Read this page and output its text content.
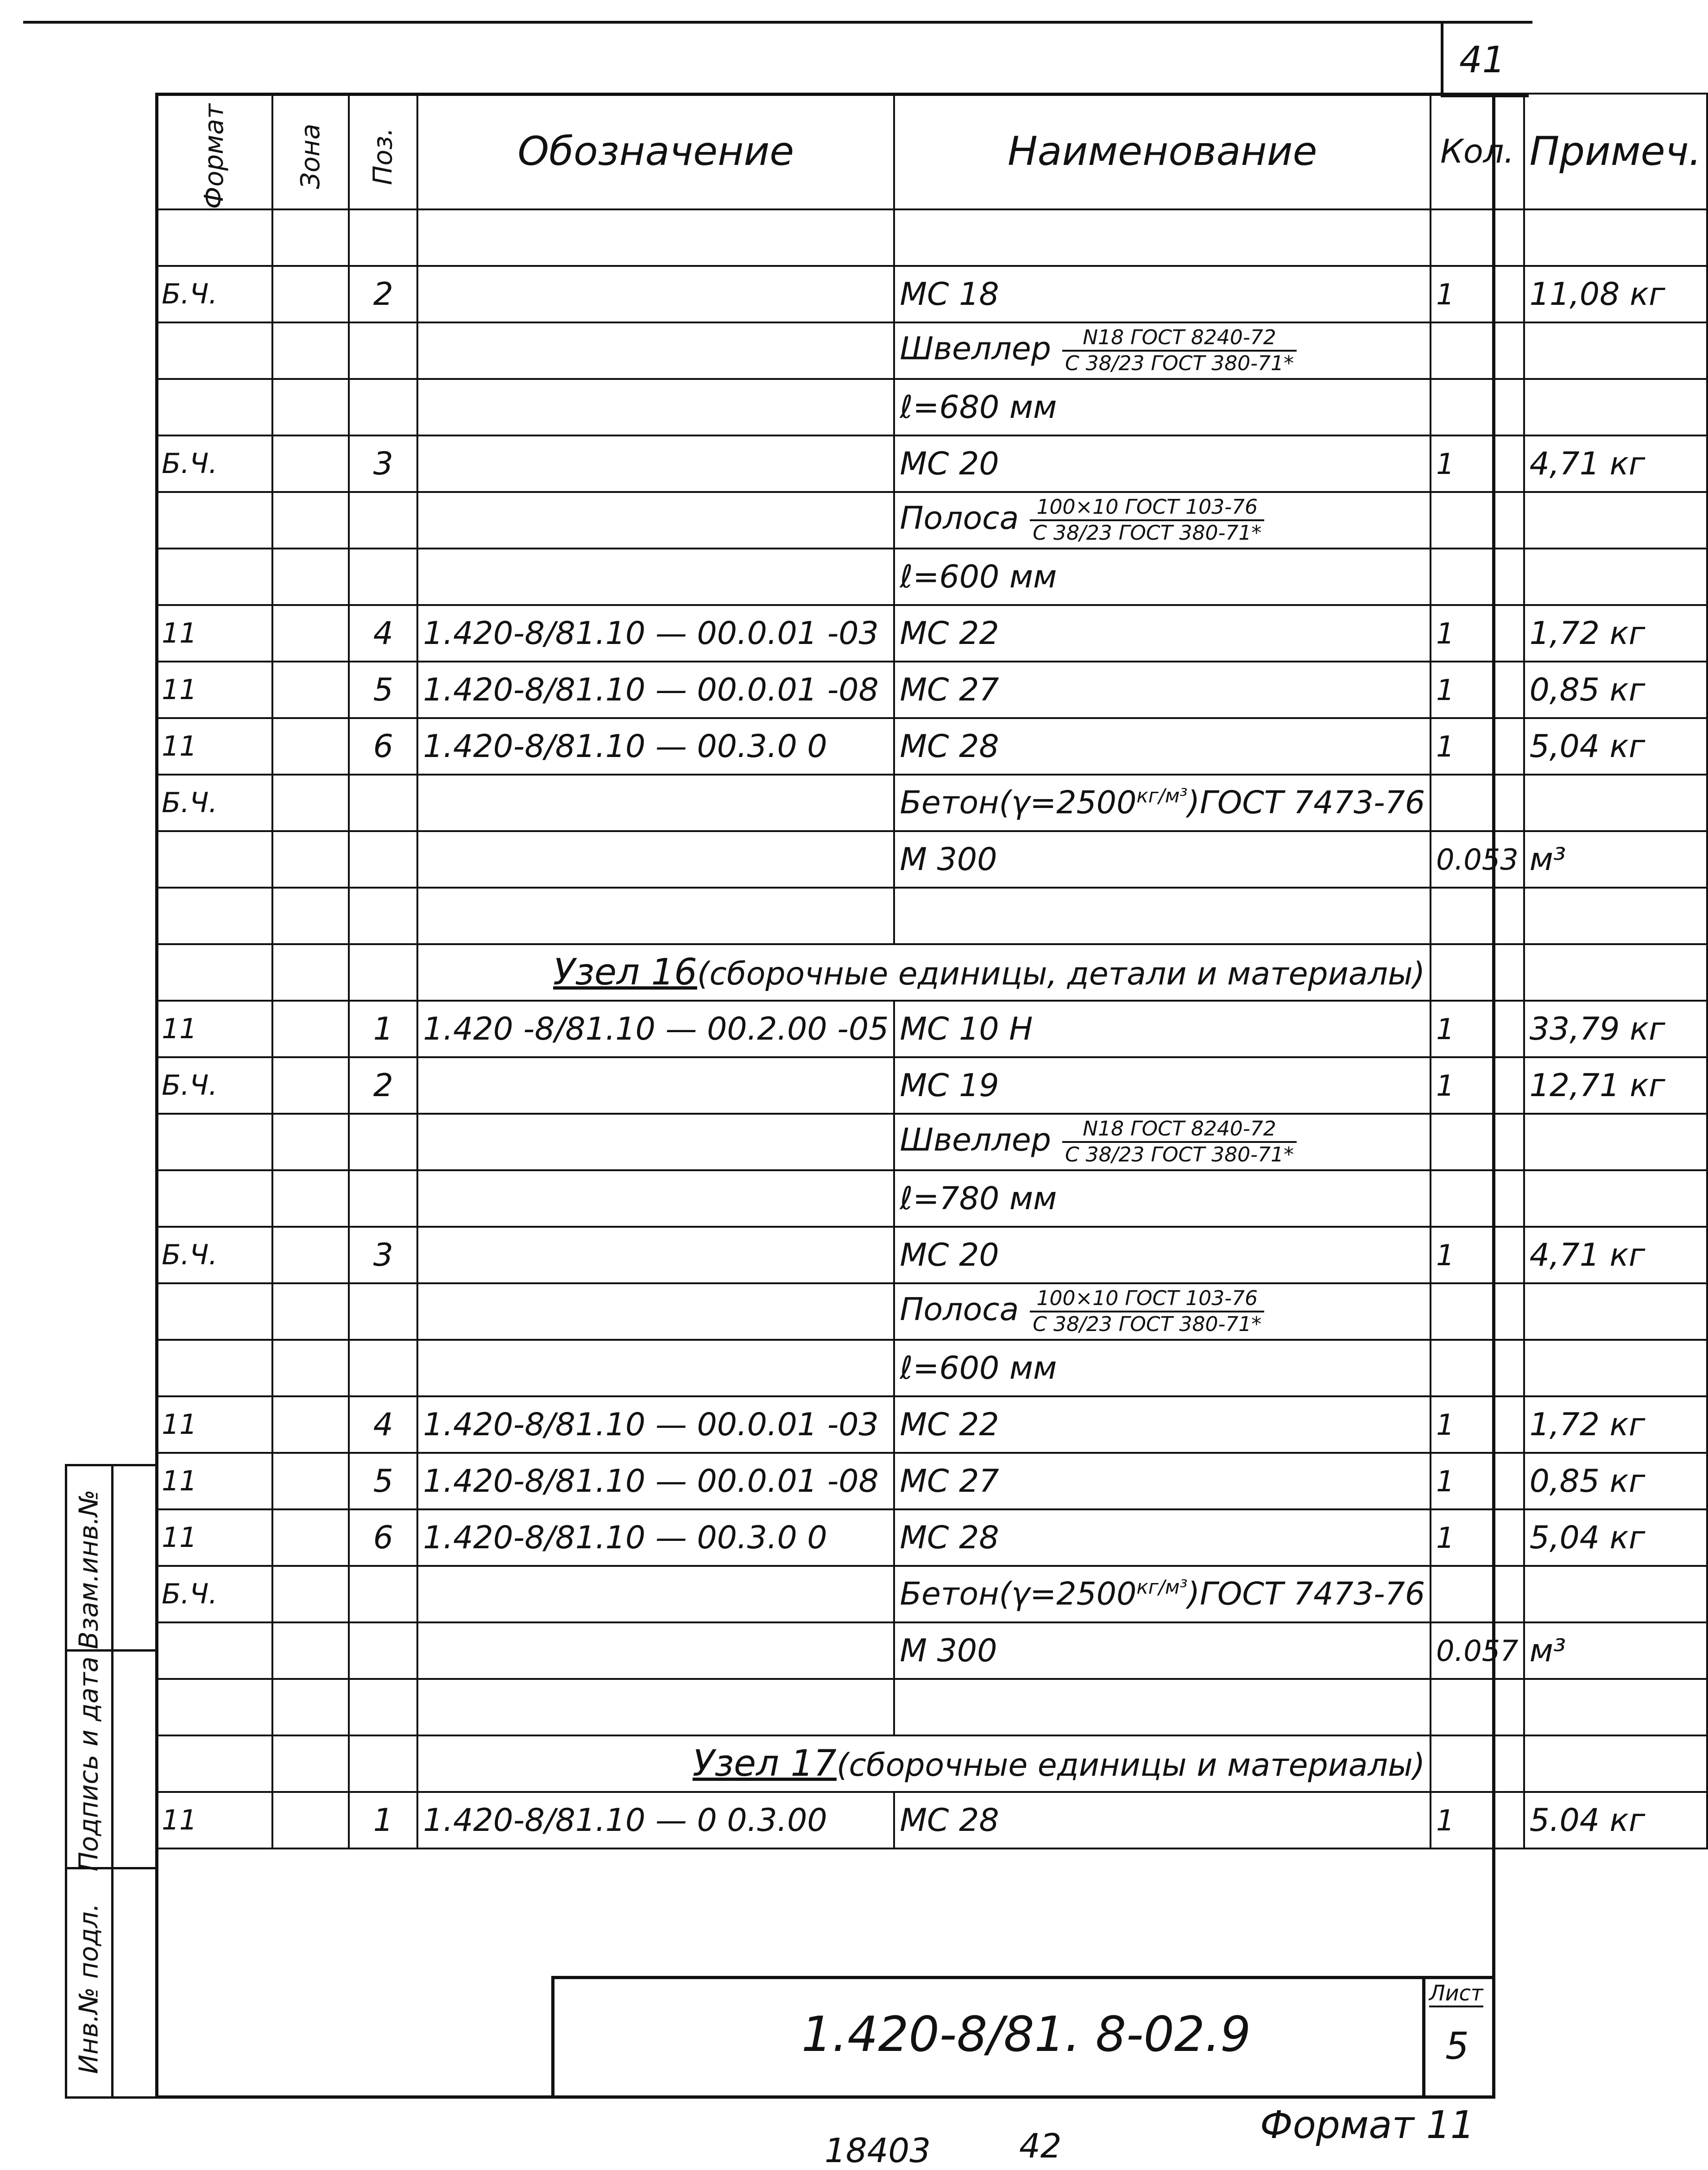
41
Формат	Зона	Поз.	Обозначение	Наименование	Кол.	Примеч.

Б.Ч.		2		МС 18	1	11,08 кг
				Швеллер $\frac{\text{N18 ГОСТ 8240-72}}{\text{С 38/23 ГОСТ 380-71*}}$

				ℓ=680 мм		
Б.Ч.		3		МС 20	1	4,71 кг
				Полоса $\frac{\text{100×10 ГОСТ 103-76}}{\text{С 38/23 ГОСТ 380-71*}}$

				ℓ=600 мм		
11		4	1.420-8/81.10 — 00.0.01 -03	МС 22	1	1,72 кг
11		5	1.420-8/81.10 — 00.0.01 -08	МС 27	1	0,85 кг
11		6	1.420-8/81.10 — 00.3.0 0	МС 28	1	5,04 кг
Б.Ч.				$Бетон(\gamma=2500^{кг/м^3})ГОСТ$ 7473-76		
				М 300	0.053	м³

			Узел 16(сборочные единицы, детали и материалы)			
11		1	1.420 -8/81.10 — 00.2.00 -05	МС 10 Н	1	33,79 кг
Б.Ч.		2		МС 19	1	12,71 кг
				Швеллер $\frac{\text{N18 ГОСТ 8240-72}}{\text{С 38/23 ГОСТ 380-71*}}$

				ℓ=780 мм		
Б.Ч.		3		МС 20	1	4,71 кг
				Полоса $\frac{\text{100×10 ГОСТ 103-76}}{\text{С 38/23 ГОСТ 380-71*}}$

				ℓ=600 мм		
11		4	1.420-8/81.10 — 00.0.01 -03	МС 22	1	1,72 кг
11		5	1.420-8/81.10 — 00.0.01 -08	МС 27	1	0,85 кг
11		6	1.420-8/81.10 — 00.3.0 0	МС 28	1	5,04 кг
Б.Ч.				$Бетон(\gamma=2500^{кг/м^3})ГОСТ$ 7473-76		
				М 300	0.057	м³

			Узел 17(сборочные единицы и материалы)			
11		1	1.420-8/81.10 — 0 0.3.00	МС 28	1	5.04 кг
Взам.инв.№
Подпись и дата
Инв.№ подл.	1.420-8/81. 8-02.9
Лист
5
Формат 11
18403	42
